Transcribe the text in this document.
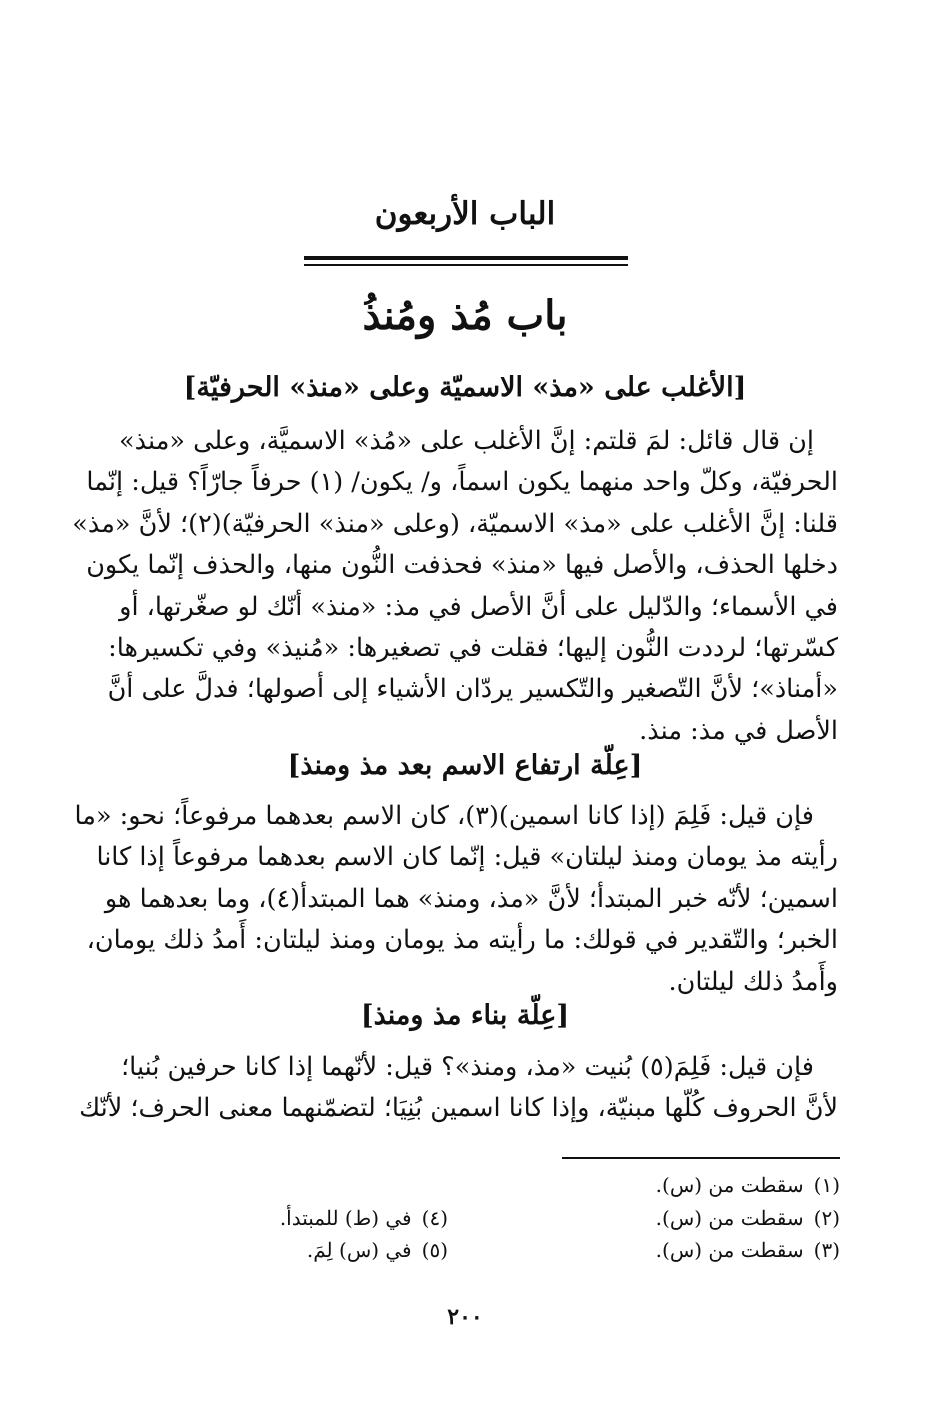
الباب الأربعون
باب مُذ ومُنذُ
[الأغلب على «مذ» الاسميّة وعلى «منذ» الحرفيّة]
إن قال قائل: لمَ قلتم: إنَّ الأغلب على «مُذ» الاسميَّة، وعلى «منذ»
الحرفيّة، وكلّ واحد منهما يكون اسماً، و/ يكون/ (١) حرفاً جارّاً؟ قيل: إنّما
قلنا: إنَّ الأغلب على «مذ» الاسميّة، (وعلى «منذ» الحرفيّة)(٢)؛ لأنَّ «مذ»
دخلها الحذف، والأصل فيها «منذ» فحذفت النُّون منها، والحذف إنّما يكون
في الأسماء؛ والدّليل على أنَّ الأصل في مذ: «منذ» أنّك لو صغّرتها، أو
كسّرتها؛ لرددت النُّون إليها؛ فقلت في تصغيرها: «مُنيذ» وفي تكسيرها:
«أمناذ»؛ لأنَّ التّصغير والتّكسير يردّان الأشياء إلى أصولها؛ فدلَّ على أنَّ
الأصل في مذ: منذ.
[عِلّة ارتفاع الاسم بعد مذ ومنذ]
فإن قيل: فَلِمَ (إذا كانا اسمين)(٣)، كان الاسم بعدهما مرفوعاً؛ نحو: «ما
رأيته مذ يومان ومنذ ليلتان» قيل: إنّما كان الاسم بعدهما مرفوعاً إذا كانا
اسمين؛ لأنّه خبر المبتدأ؛ لأنَّ «مذ، ومنذ» هما المبتدأ(٤)، وما بعدهما هو
الخبر؛ والتّقدير في قولك: ما رأيته مذ يومان ومنذ ليلتان: أَمدُ ذلك يومان،
وأَمدُ ذلك ليلتان.
[عِلّة بناء مذ ومنذ]
فإن قيل: فَلِمَ(٥) بُنيت «مذ، ومنذ»؟ قيل: لأنّهما إذا كانا حرفين بُنيا؛
لأنَّ الحروف كُلّها مبنيّة، وإذا كانا اسمين بُنِيَا؛ لتضمّنهما معنى الحرف؛ لأنّك
(١)سقطت من (س).
(٢)سقطت من (س).
(٣)سقطت من (س).
(٤)في (ط) للمبتدأ.
(٥)في (س) لِمَ.
٢٠٠
